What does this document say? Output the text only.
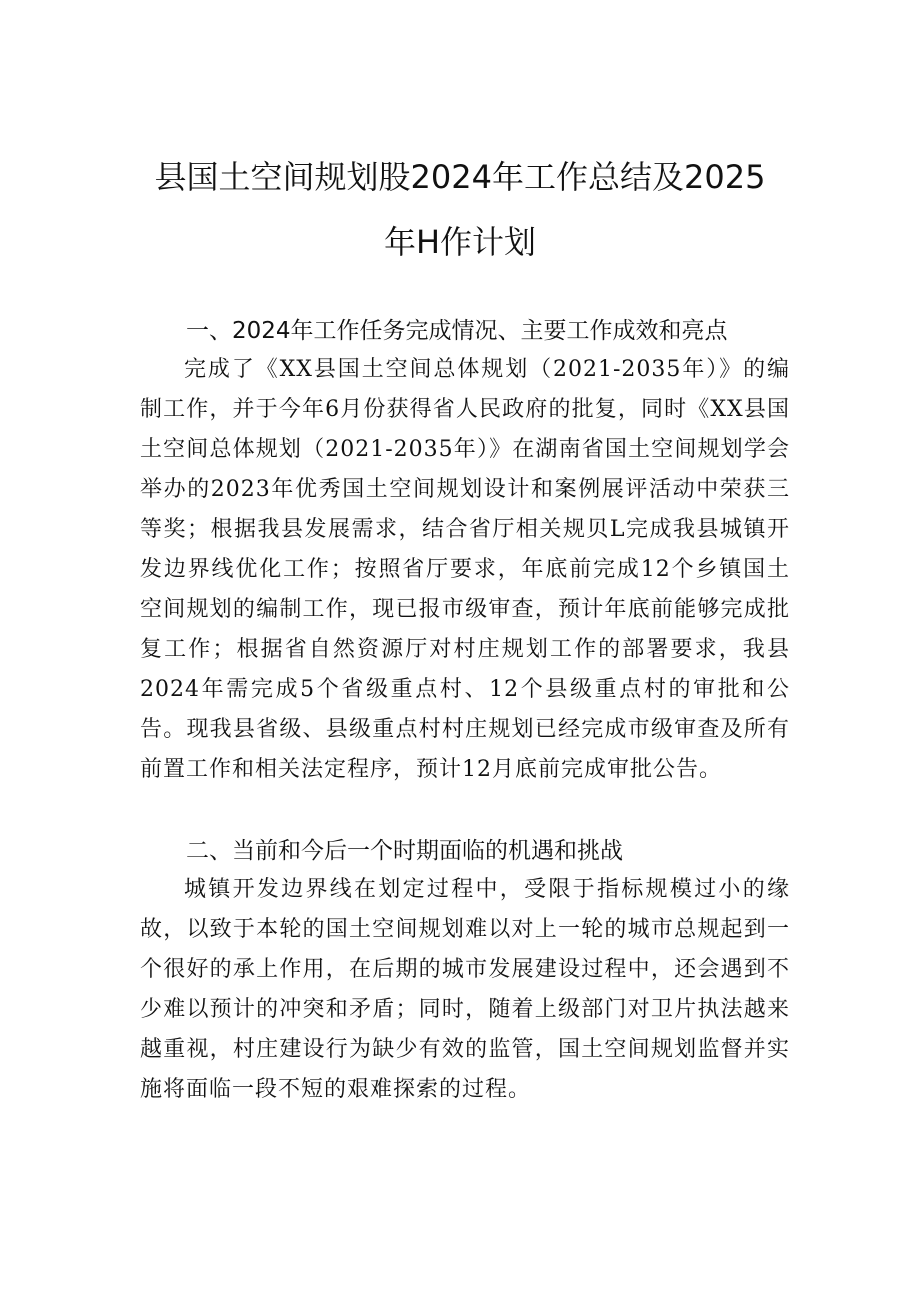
县国土空间规划股2024年工作总结及2025
年H作计划
一、2024年工作任务完成情况、主要工作成效和亮点

完成了《XX县国土空间总体规划（2021-2035年）》的编制工作，并于今年6月份获得省人民政府的批复，同时《XX县国土空间总体规划（2021-2035年）》在湖南省国土空间规划学会举办的2023年优秀国土空间规划设计和案例展评活动中荣获三等奖；根据我县发展需求，结合省厅相关规贝L完成我县城镇开发边界线优化工作；按照省厅要求，年底前完成12个乡镇国土空间规划的编制工作，现已报市级审查，预计年底前能够完成批复工作；根据省自然资源厅对村庄规划工作的部署要求，我县2024年需完成5个省级重点村、12个县级重点村的审批和公告。现我县省级、县级重点村村庄规划已经完成市级审查及所有前置工作和相关法定程序，预计12月底前完成审批公告。

二、当前和今后一个时期面临的机遇和挑战

城镇开发边界线在划定过程中，受限于指标规模过小的缘故，以致于本轮的国土空间规划难以对上一轮的城市总规起到一个很好的承上作用，在后期的城市发展建设过程中，还会遇到不少难以预计的冲突和矛盾；同时，随着上级部门对卫片执法越来越重视，村庄建设行为缺少有效的监管，国土空间规划监督并实施将面临一段不短的艰难探索的过程。
